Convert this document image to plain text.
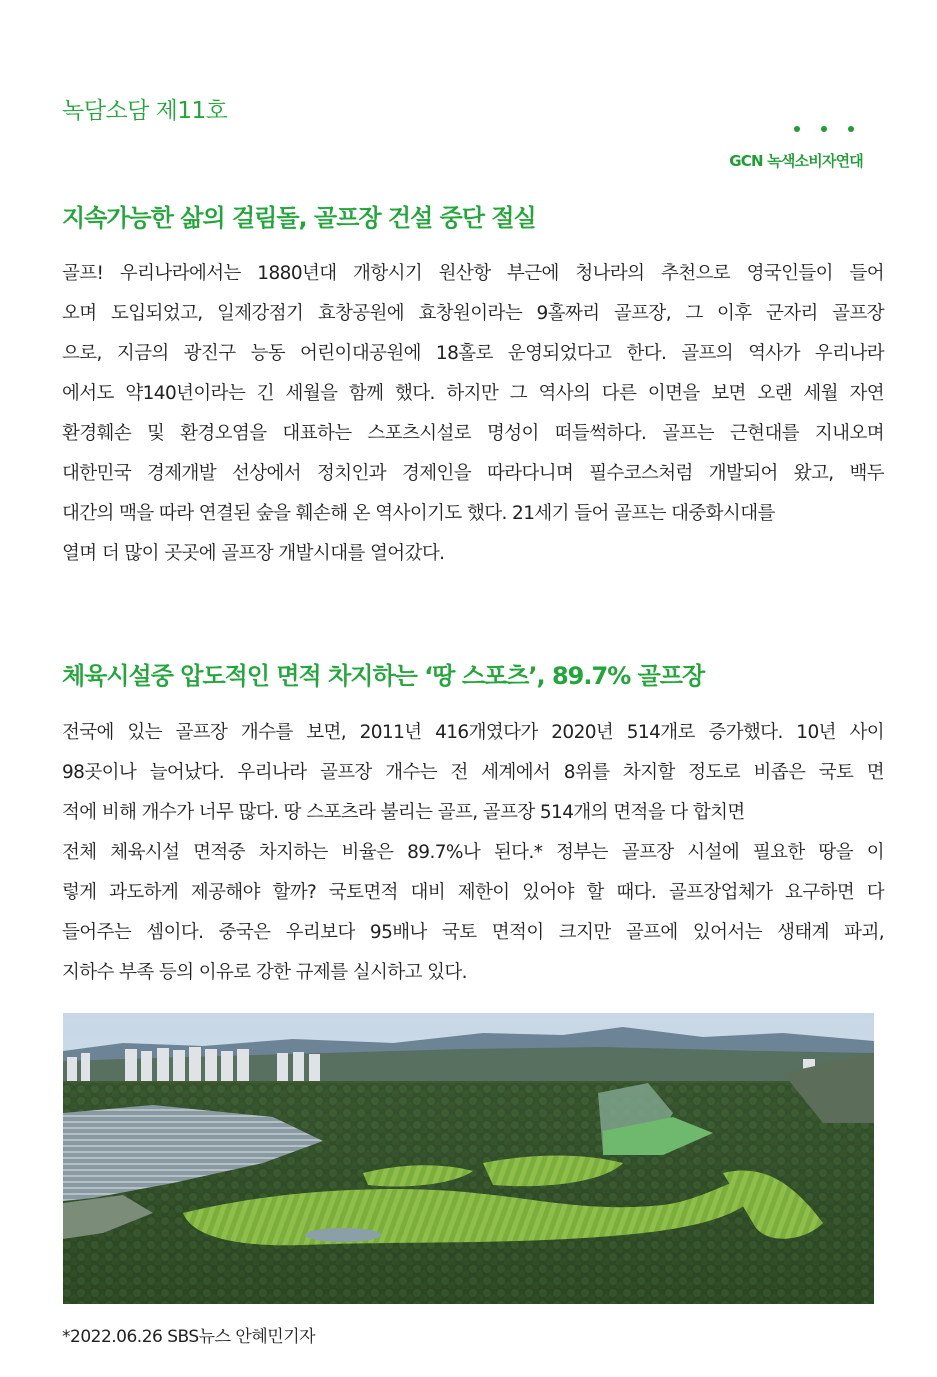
녹담소담 제11호
GCN 녹색소비자연대
지속가능한 삶의 걸림돌, 골프장 건설 중단 절실
골프! 우리나라에서는 1880년대 개항시기 원산항 부근에 청나라의 추천으로 영국인들이 들어
오며 도입되었고, 일제강점기 효창공원에 효창원이라는 9홀짜리 골프장, 그 이후 군자리 골프장
으로, 지금의 광진구 능동 어린이대공원에 18홀로 운영되었다고 한다. 골프의 역사가 우리나라
에서도 약140년이라는 긴 세월을 함께 했다. 하지만 그 역사의 다른 이면을 보면 오랜 세월 자연
환경훼손 및 환경오염을 대표하는 스포츠시설로 명성이 떠들썩하다. 골프는 근현대를 지내오며
대한민국 경제개발 선상에서 정치인과 경제인을 따라다니며 필수코스처럼 개발되어 왔고, 백두
대간의 맥을 따라 연결된 숲을 훼손해 온 역사이기도 했다. 21세기 들어 골프는 대중화시대를
열며 더 많이 곳곳에 골프장 개발시대를 열어갔다.
체육시설중 압도적인 면적 차지하는 ‘땅 스포츠’, 89.7% 골프장
전국에 있는 골프장 개수를 보면, 2011년 416개였다가 2020년 514개로 증가했다. 10년 사이
98곳이나 늘어났다. 우리나라 골프장 개수는 전 세계에서 8위를 차지할 정도로 비좁은 국토 면
적에 비해 개수가 너무 많다. 땅 스포츠라 불리는 골프, 골프장 514개의 면적을 다 합치면
전체 체육시설 면적중 차지하는 비율은 89.7%나 된다.* 정부는 골프장 시설에 필요한 땅을 이
렇게 과도하게 제공해야 할까? 국토면적 대비 제한이 있어야 할 때다. 골프장업체가 요구하면 다
들어주는 셈이다. 중국은 우리보다 95배나 국토 면적이 크지만 골프에 있어서는 생태계 파괴,
지하수 부족 등의 이유로 강한 규제를 실시하고 있다.
*2022.06.26 SBS뉴스 안혜민기자
